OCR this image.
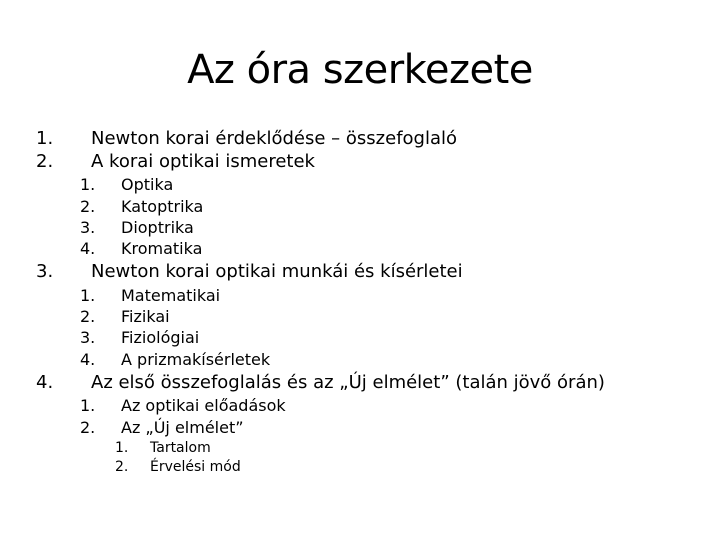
Az óra szerkezete
1. Newton korai érdeklődése – összefoglaló
2. A korai optikai ismeretek
1. Optika
2. Katoptrika
3. Dioptrika
4. Kromatika
3. Newton korai optikai munkái és kísérletei
1. Matematikai
2. Fizikai
3. Fiziológiai
4. A prizmakísérletek
4. Az első összefoglalás és az „Új elmélet” (talán jövő órán)
1. Az optikai előadások
2. Az „Új elmélet”
1. Tartalom
2. Érvelési mód
